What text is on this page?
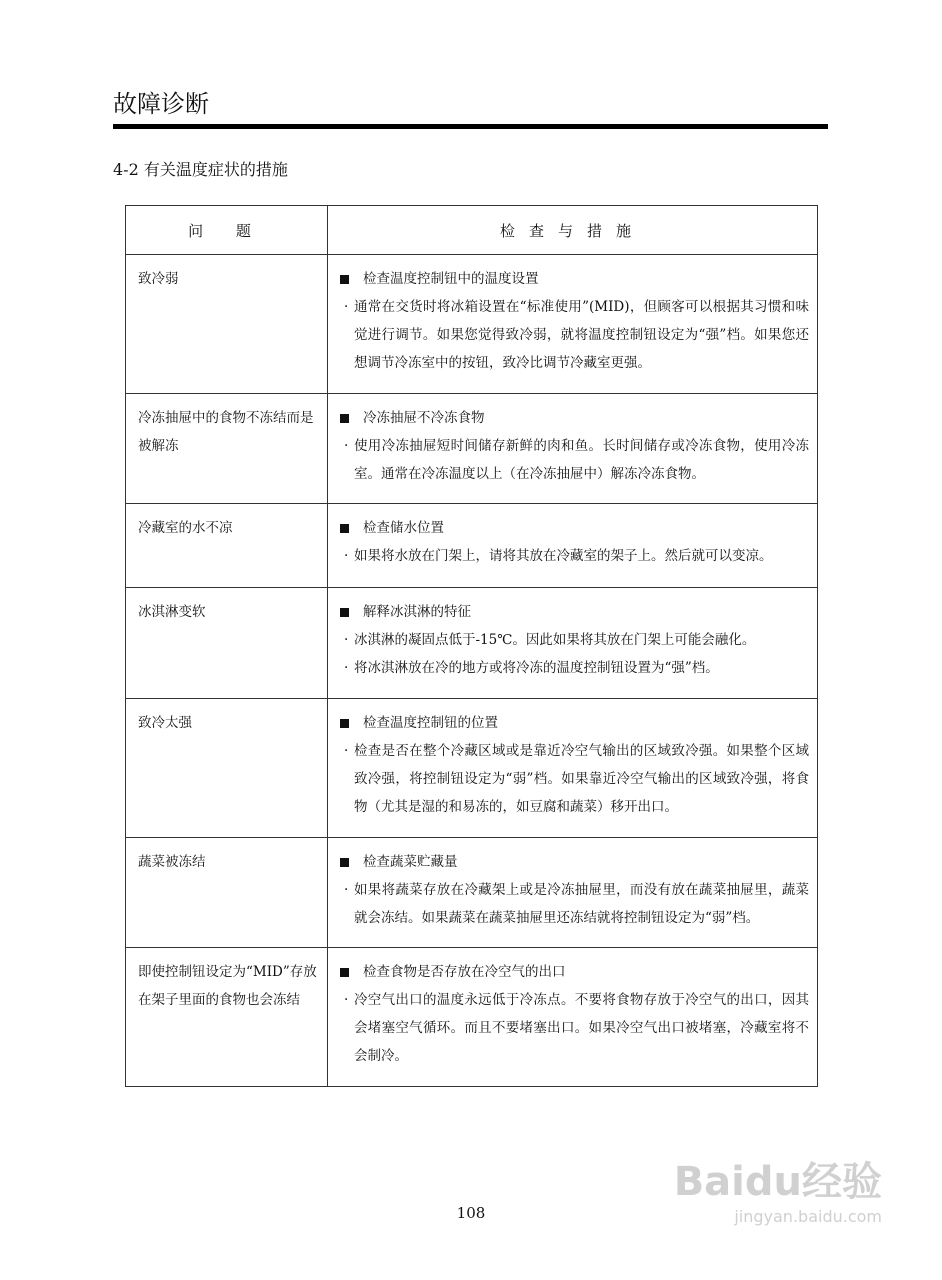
故障诊断
4-2 有关温度症状的措施
问 题	检查与措施
致冷弱	检查温度控制钮中的温度设置
· 通常在交货时将冰箱设置在“标准使用”(MID)，但顾客可以根据其习惯和味觉进行调节。如果您觉得致冷弱，就将温度控制钮设定为“强”档。如果您还想调节冷冻室中的按钮，致冷比调节冷藏室更强。

冷冻抽屉中的食物不冻结而是被解冻	冷冻抽屉不冷冻食物
· 使用冷冻抽屉短时间储存新鲜的肉和鱼。长时间储存或冷冻食物，使用冷冻室。通常在冷冻温度以上（在冷冻抽屉中）解冻冷冻食物。

冷藏室的水不凉	检查储水位置
· 如果将水放在门架上，请将其放在冷藏室的架子上。然后就可以变凉。

冰淇淋变软	解释冰淇淋的特征
· 冰淇淋的凝固点低于-15℃。因此如果将其放在门架上可能会融化。
· 将冰淇淋放在冷的地方或将冷冻的温度控制钮设置为“强”档。

致冷太强	检查温度控制钮的位置
· 检查是否在整个冷藏区域或是靠近冷空气输出的区域致冷强。如果整个区域致冷强，将控制钮设定为“弱”档。如果靠近冷空气输出的区域致冷强，将食物（尤其是湿的和易冻的，如豆腐和蔬菜）移开出口。

蔬菜被冻结	检查蔬菜贮藏量
· 如果将蔬菜存放在冷藏架上或是冷冻抽屉里，而没有放在蔬菜抽屉里，蔬菜就会冻结。如果蔬菜在蔬菜抽屉里还冻结就将控制钮设定为“弱”档。

即使控制钮设定为“MID”存放在架子里面的食物也会冻结	检查食物是否存放在冷空气的出口
· 冷空气出口的温度永远低于冷冻点。不要将食物存放于冷空气的出口，因其会堵塞空气循环。而且不要堵塞出口。如果冷空气出口被堵塞，冷藏室将不会制冷。
108
Baidu经验
jingyan.baidu.com
